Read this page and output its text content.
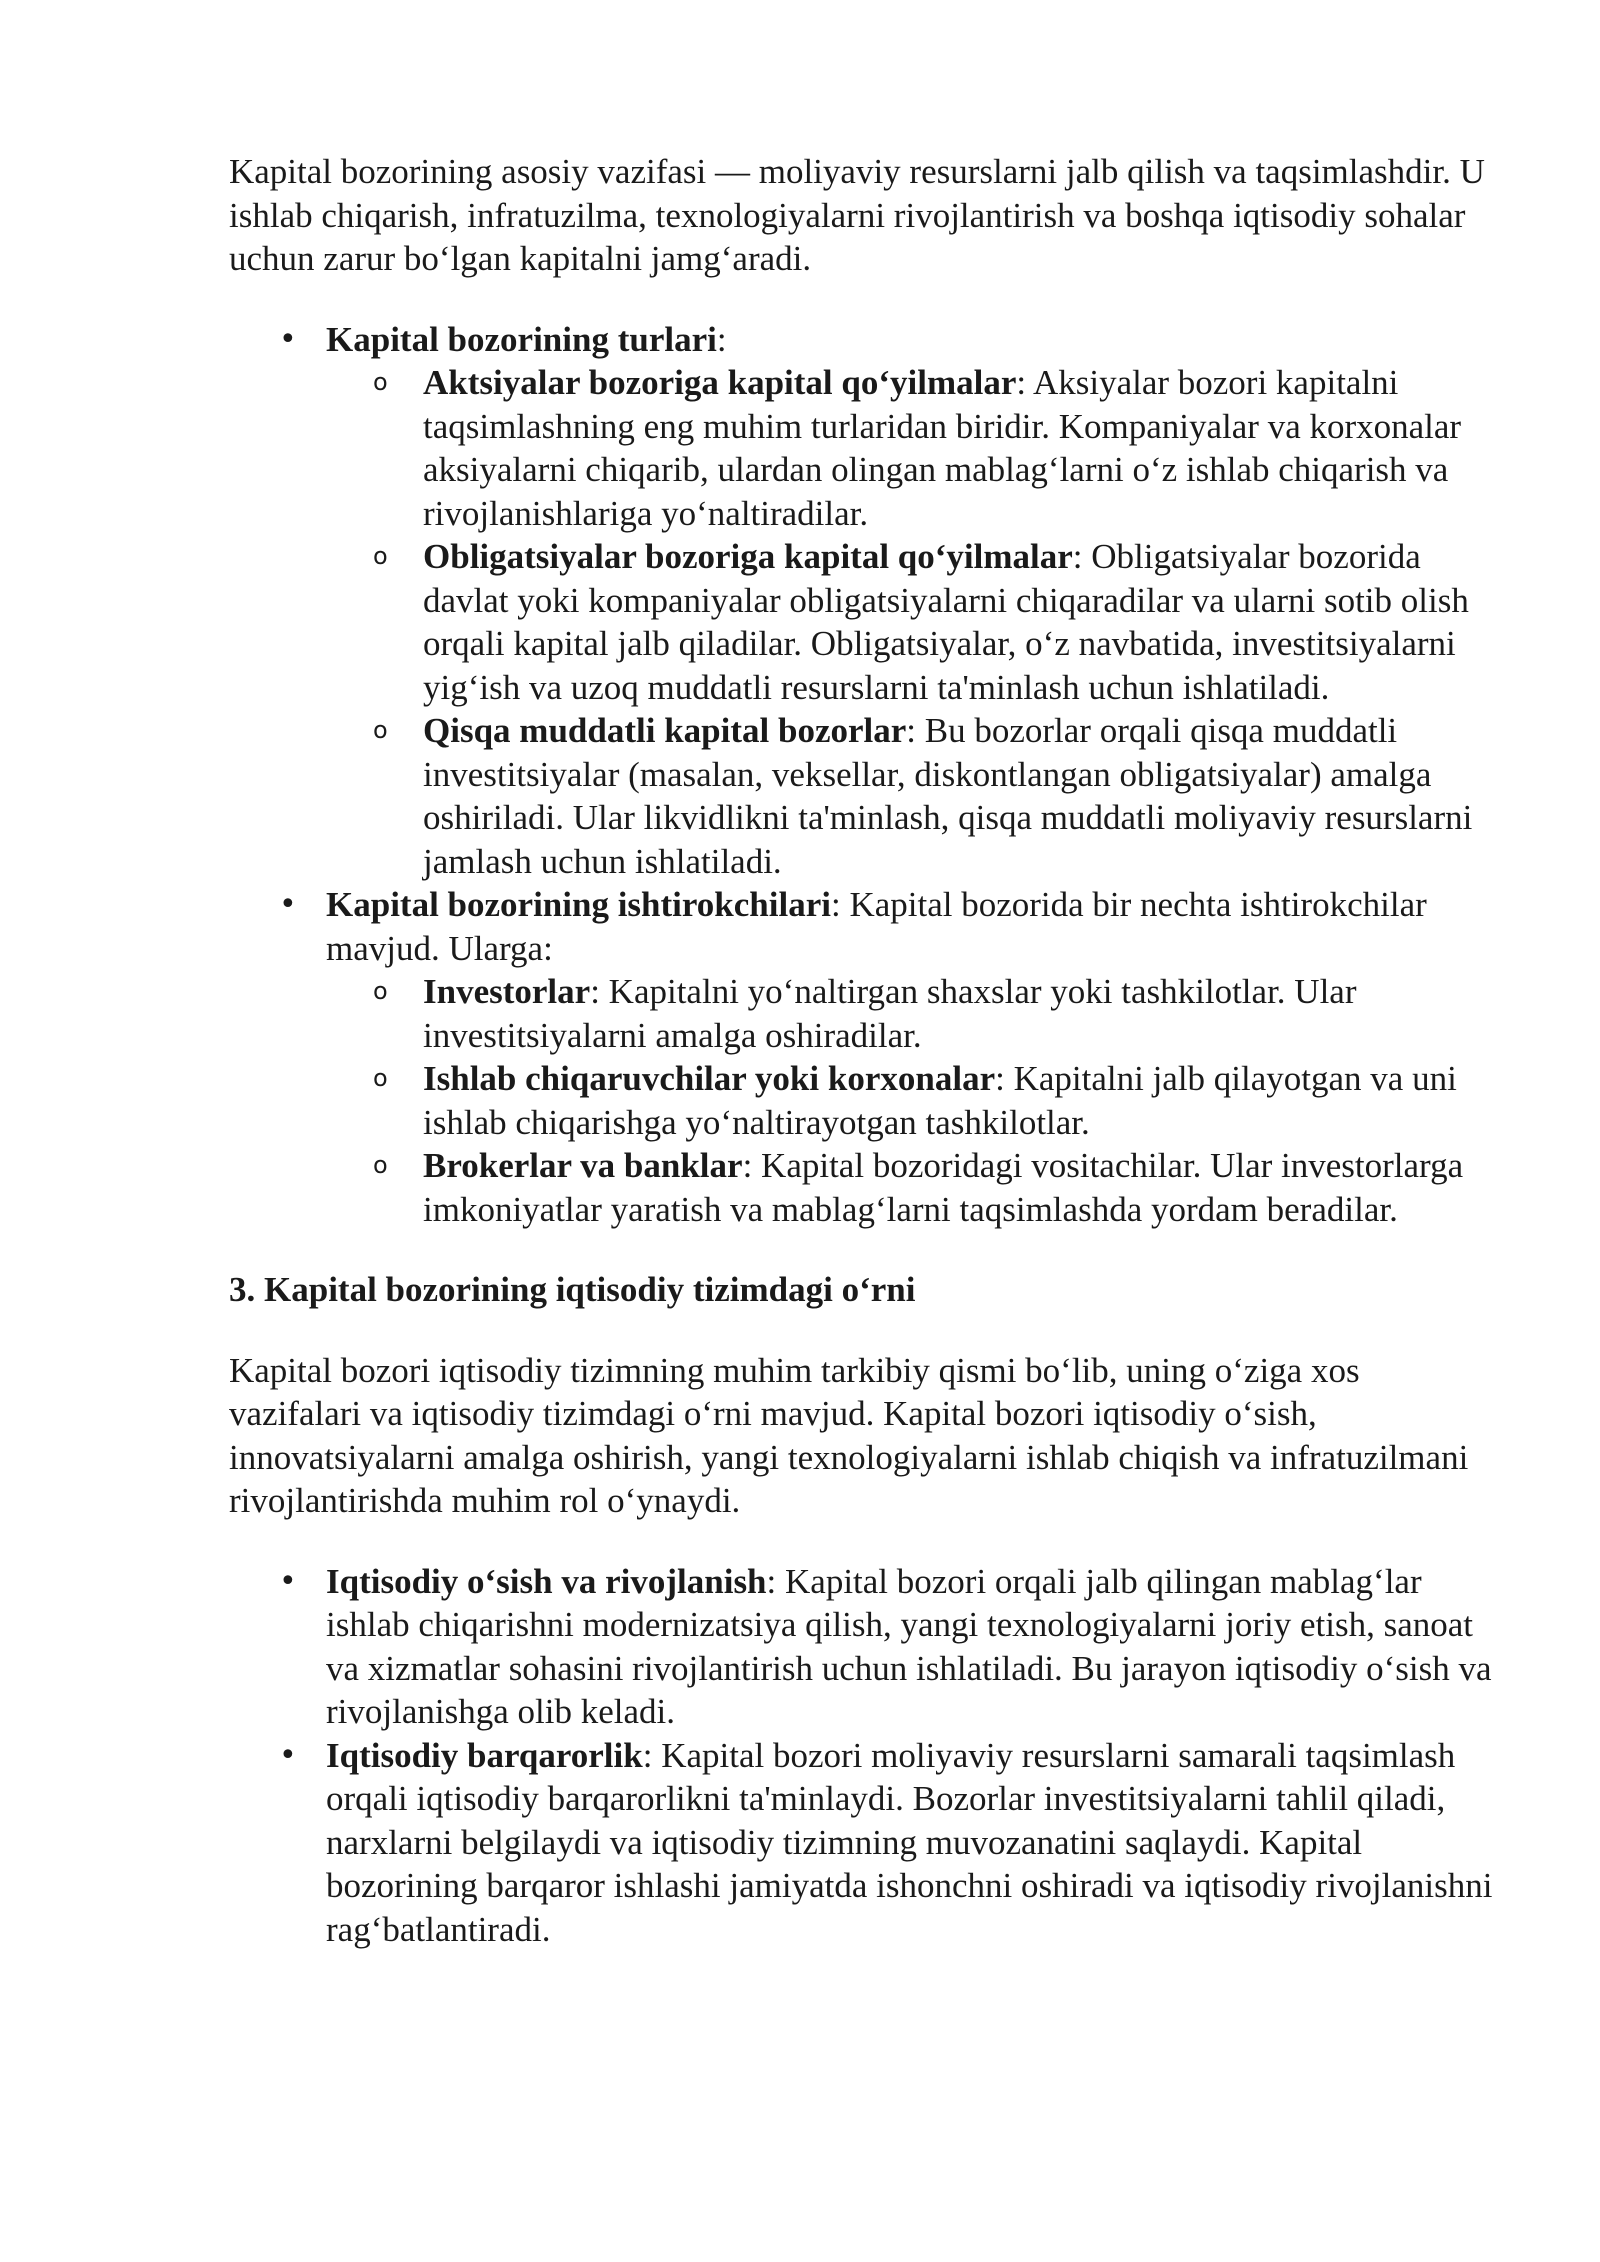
Kapital bozorining asosiy vazifasi — moliyaviy resurslarni jalb qilish va taqsimlashdir. U ishlab chiqarish, infratuzilma, texnologiyalarni rivojlantirish va boshqa iqtisodiy sohalar uchun zarur bo‘lgan kapitalni jamg‘aradi.

• Kapital bozorining turlari:
o Aktsiyalar bozoriga kapital qo‘yilmalar: Aksiyalar bozori kapitalni taqsimlashning eng muhim turlaridan biridir. Kompaniyalar va korxonalar aksiyalarni chiqarib, ulardan olingan mablag‘larni o‘z ishlab chiqarish va rivojlanishlariga yo‘naltiradilar.
o Obligatsiyalar bozoriga kapital qo‘yilmalar: Obligatsiyalar bozorida davlat yoki kompaniyalar obligatsiyalarni chiqaradilar va ularni sotib olish orqali kapital jalb qiladilar. Obligatsiyalar, o‘z navbatida, investitsiyalarni yig‘ish va uzoq muddatli resurslarni ta'minlash uchun ishlatiladi.
o Qisqa muddatli kapital bozorlar: Bu bozorlar orqali qisqa muddatli investitsiyalar (masalan, veksellar, diskontlangan obligatsiyalar) amalga oshiriladi. Ular likvidlikni ta'minlash, qisqa muddatli moliyaviy resurslarni jamlash uchun ishlatiladi.
• Kapital bozorining ishtirokchilari: Kapital bozorida bir nechta ishtirokchilar mavjud. Ularga:
o Investorlar: Kapitalni yo‘naltirgan shaxslar yoki tashkilotlar. Ular investitsiyalarni amalga oshiradilar.
o Ishlab chiqaruvchilar yoki korxonalar: Kapitalni jalb qilayotgan va uni ishlab chiqarishga yo‘naltirayotgan tashkilotlar.
o Brokerlar va banklar: Kapital bozoridagi vositachilar. Ular investorlarga imkoniyatlar yaratish va mablag‘larni taqsimlashda yordam beradilar.

3. Kapital bozorining iqtisodiy tizimdagi o‘rni

Kapital bozori iqtisodiy tizimning muhim tarkibiy qismi bo‘lib, uning o‘ziga xos vazifalari va iqtisodiy tizimdagi o‘rni mavjud. Kapital bozori iqtisodiy o‘sish, innovatsiyalarni amalga oshirish, yangi texnologiyalarni ishlab chiqish va infratuzilmani rivojlantirishda muhim rol o‘ynaydi.

• Iqtisodiy o‘sish va rivojlanish: Kapital bozori orqali jalb qilingan mablag‘lar ishlab chiqarishni modernizatsiya qilish, yangi texnologiyalarni joriy etish, sanoat va xizmatlar sohasini rivojlantirish uchun ishlatiladi. Bu jarayon iqtisodiy o‘sish va rivojlanishga olib keladi.
• Iqtisodiy barqarorlik: Kapital bozori moliyaviy resurslarni samarali taqsimlash orqali iqtisodiy barqarorlikni ta'minlaydi. Bozorlar investitsiyalarni tahlil qiladi, narxlarni belgilaydi va iqtisodiy tizimning muvozanatini saqlaydi. Kapital bozorining barqaror ishlashi jamiyatda ishonchni oshiradi va iqtisodiy rivojlanishni rag‘batlantiradi.
